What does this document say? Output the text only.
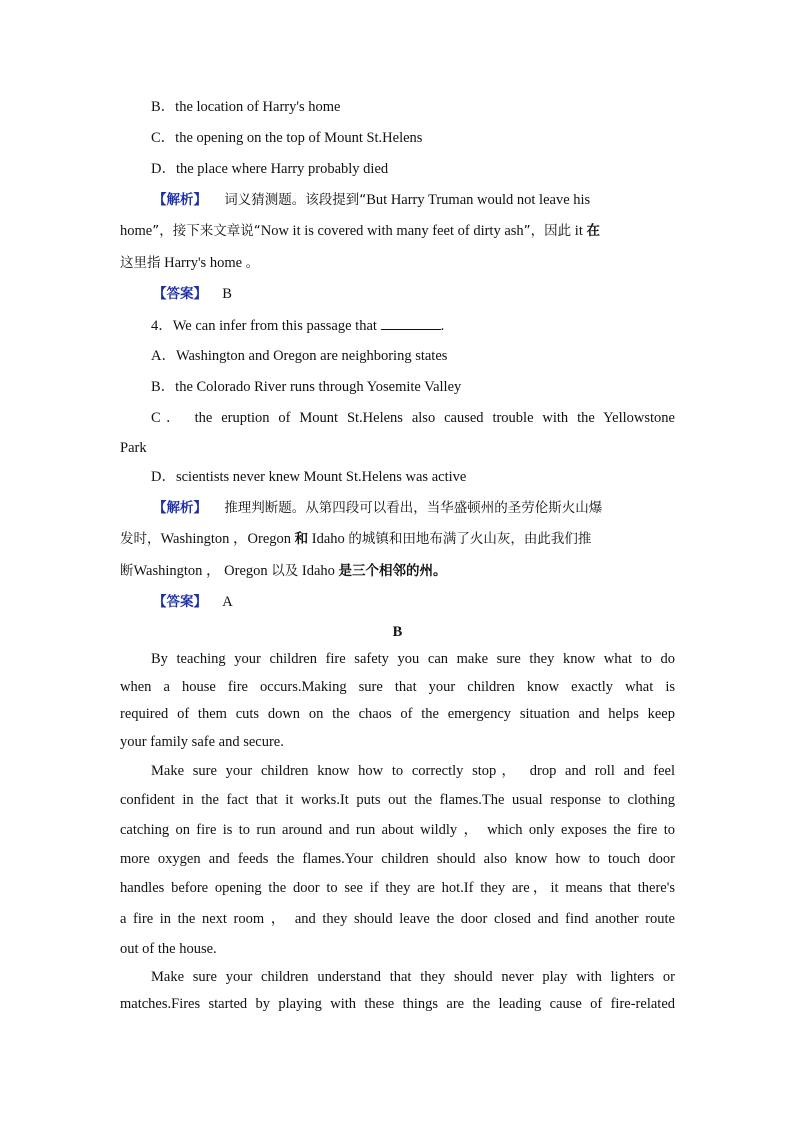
B．the location of Harry's home
C．the opening on the top of Mount St.Helens
D．the place where Harry probably died
【解析】 词义猜测题。该段提到“But Harry Truman would not leave his
home”，接下来文章说“Now it is covered with many feet of dirty ash”，因此 it 在
这里指 Harry's home 。
【答案】 B
4．We can infer from this passage that	.
A．Washington and Oregon are neighboring states
B．the Colorado River runs through Yosemite Valley
C． the eruption of Mount St.Helens also caused trouble with the Yellowstone
Park
D．scientists never knew Mount St.Helens was active
【解析】 推理判断题。从第四段可以看出，当华盛顿州的圣劳伦斯火山爆
发时，Washington ，Oregon 和 Idaho 的城镇和田地布满了火山灰，由此我们推
断Washington ， Oregon 以及 Idaho 是三个相邻的州。
【答案】 A
B
By teaching your children fire safety you can make sure they know what to do
when a house fire occurs.Making sure that your children know exactly what is
required of them cuts down on the chaos of the emergency situation and helps keep
your family safe and secure.
Make sure your children know how to correctly stop， drop and roll and feel
confident in the fact that it works.It puts out the flames.The usual response to clothing
catching on fire is to run around and run about wildly ， which only exposes the fire to
more oxygen and feeds the flames.Your children should also know how to touch door
handles before opening the door to see if they are hot.If they are，it means that there's
a fire in the next room ， and they should leave the door closed and find another route
out of the house.
Make sure your children understand that they should never play with lighters or
matches.Fires started by playing with these things are the leading cause of fire-related
